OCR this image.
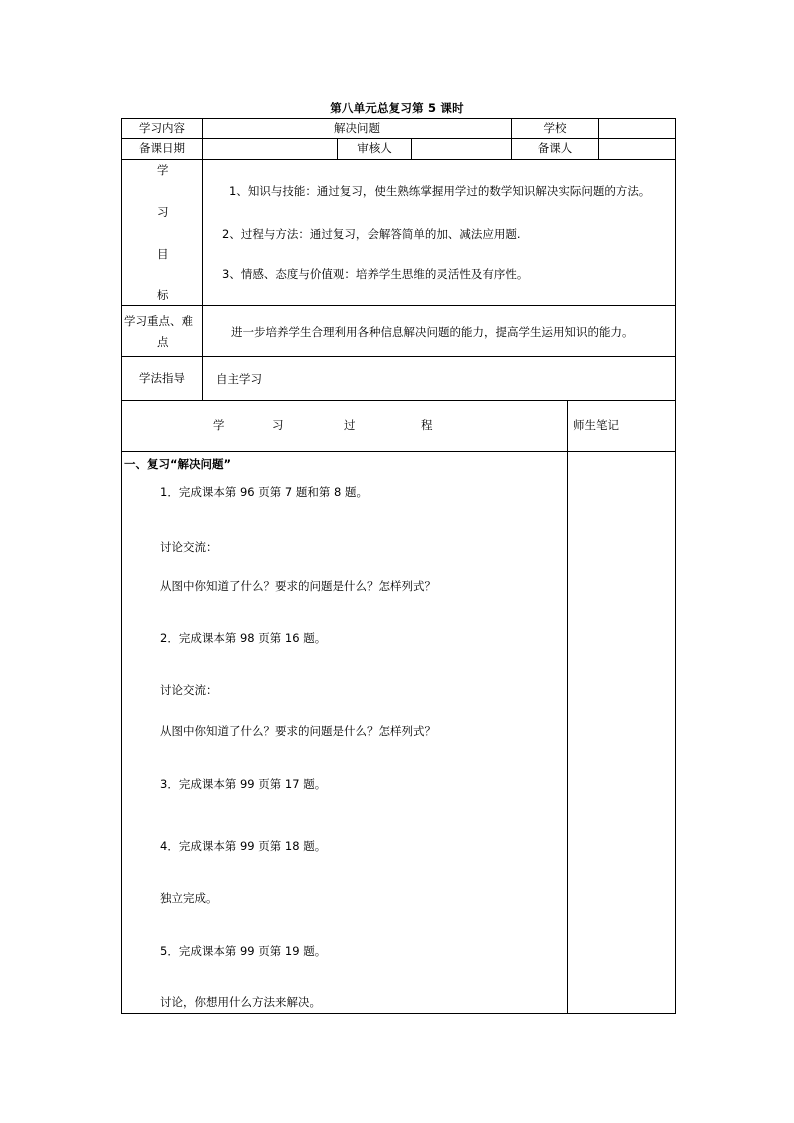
第八单元总复习第 5 课时
学习内容	解决问题	学校
备课日期	审核人	备课人
学
习
目
标
1、知识与技能：通过复习，使生熟练掌握用学过的数学知识解决实际问题的方法。
2、过程与方法：通过复习，会解答简单的加、减法应用题.
3、情感、态度与价值观：培养学生思维的灵活性及有序性。
学习重点、难
点
进一步培养学生合理利用各种信息解决问题的能力，提高学生运用知识的能力。
学法指导	自主学习
学	习	过	程	师生笔记
一、复习“解决问题”
1．完成课本第 96 页第 7 题和第 8 题。
讨论交流：
从图中你知道了什么？要求的问题是什么？怎样列式？
2．完成课本第 98 页第 16 题。
讨论交流：
从图中你知道了什么？要求的问题是什么？怎样列式？
3．完成课本第 99 页第 17 题。
4．完成课本第 99 页第 18 题。
独立完成。
5．完成课本第 99 页第 19 题。
讨论，你想用什么方法来解决。
